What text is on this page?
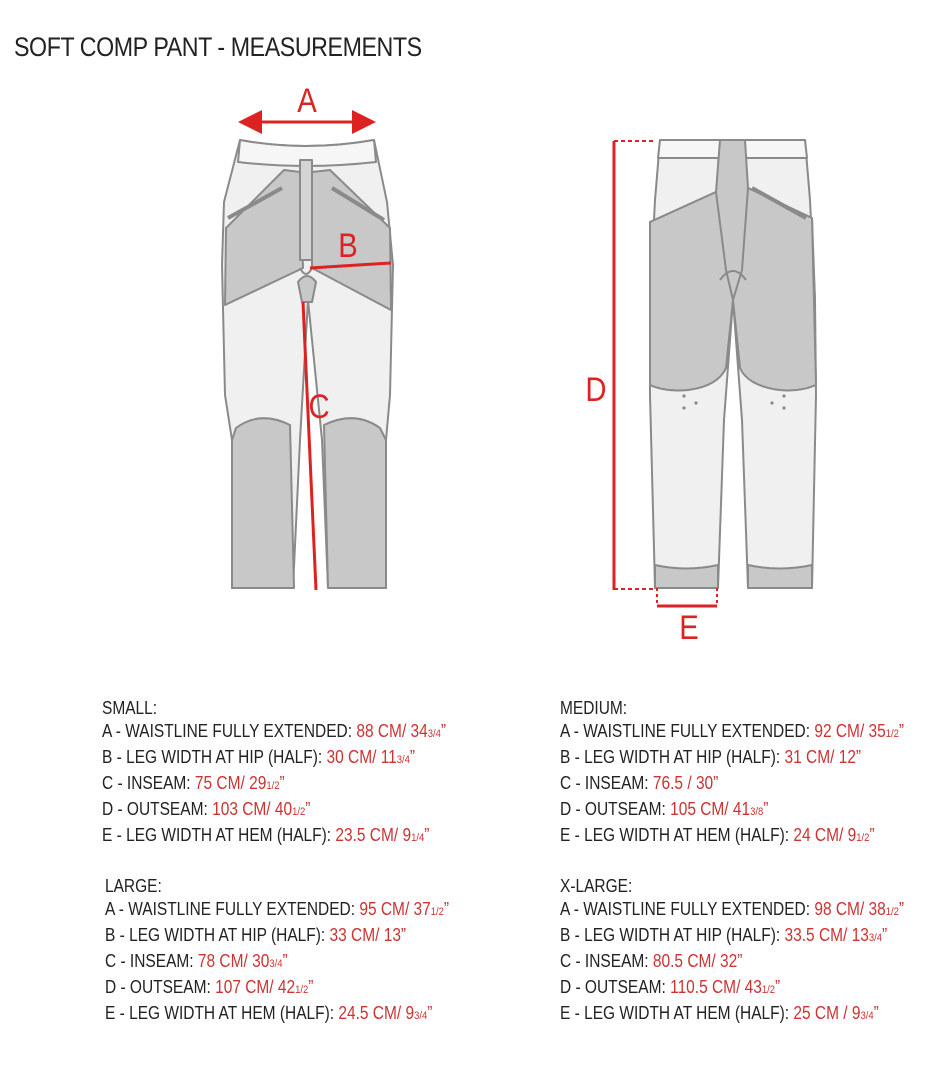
SOFT COMP PANT - MEASUREMENTS
A
B
C	D
E
SMALL:
A - WAISTLINE FULLY EXTENDED: 88 CM/ 343/4”
B - LEG WIDTH AT HIP (HALF): 30 CM/ 113/4”
C - INSEAM: 75 CM/ 291/2”
D - OUTSEAM: 103 CM/ 401/2”
E - LEG WIDTH AT HEM (HALF): 23.5 CM/ 91/4”
MEDIUM:
A - WAISTLINE FULLY EXTENDED: 92 CM/ 351/2”
B - LEG WIDTH AT HIP (HALF): 31 CM/ 12”
C - INSEAM: 76.5 / 30”
D - OUTSEAM: 105 CM/ 413/8”
E - LEG WIDTH AT HEM (HALF): 24 CM/ 91/2”
LARGE:
A - WAISTLINE FULLY EXTENDED: 95 CM/ 371/2”
B - LEG WIDTH AT HIP (HALF): 33 CM/ 13”
C - INSEAM: 78 CM/ 303/4”
D - OUTSEAM: 107 CM/ 421/2”
E - LEG WIDTH AT HEM (HALF): 24.5 CM/ 93/4”
X-LARGE:
A - WAISTLINE FULLY EXTENDED: 98 CM/ 381/2”
B - LEG WIDTH AT HIP (HALF): 33.5 CM/ 133/4”
C - INSEAM: 80.5 CM/ 32”
D - OUTSEAM: 110.5 CM/ 431/2”
E - LEG WIDTH AT HEM (HALF): 25 CM / 93/4”
